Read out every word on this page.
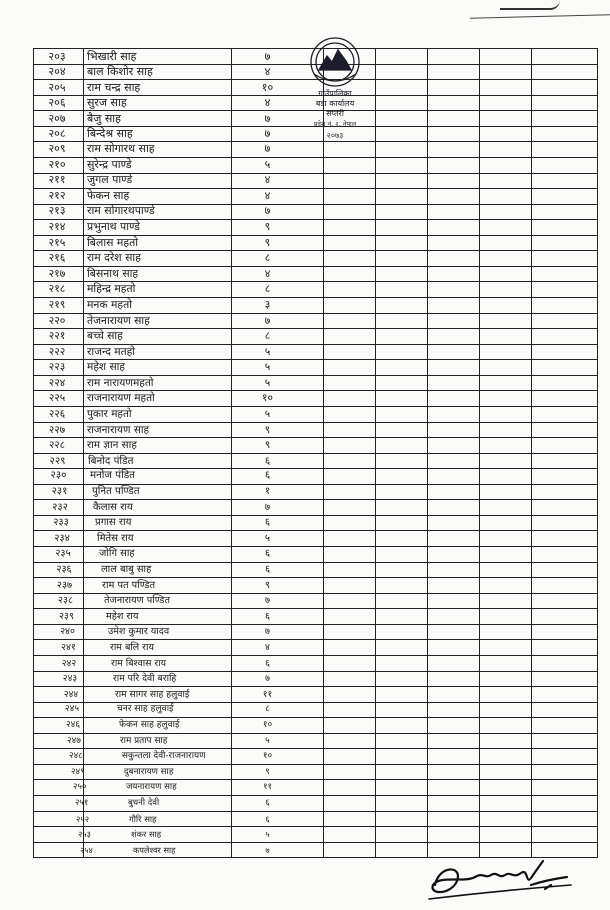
२०३	भिखारी साह	७					
२०४	बाल किशोर साह	४					
२०५	राम चन्द्र साह	१०					
२०६	सुरज साह	४					
२०७	बैजु साह	७					
२०८	बिन्देश्र साह	७					
२०९	राम सोगारथ साह	७					
२१०	सुरेन्द्र पाण्डे	५					
२११	जुगल पाण्डे	४					
२१२	फेकन साह	४					
२१३	राम सोगारथपाण्डे	७					
२१४	प्रभुनाथ पाण्डे	९					
२१५	बिलास महतो	९					
२१६	राम दरेश साह	८					
२१७	बिसनाथ साह	४					
२१८	महिन्द्र महतो	८					
२१९	मनक महतो	३					
२२०	तेजनारायण साह	७					
२२१	बच्चे साह	८					
२२२	राजन्द मतहो	५					
२२३	महेश साह	५					
२२४	राम नारायणमहतो	५					
२२५	राजनारायण महतो	१०					
२२६	पुकार महतो	५					
२२७	राजनारायण साह	९					
२२८	राम ज्ञान साह	९					
२२९	बिनोद पंडित	६					
२३०	मनोज पंडित	६					
२३१	पुनित पण्डित	१					
२३२	कैलास राय	७					
२३३	प्रगास राय	६					
२३४	मितेस राय	५					
२३५	जोगि साह	६					
२३६	लाल बाबु साह	६					
२३७	राम पत पण्डित	९					
२३८	तेजनारायण पण्डित	७					
२३९	महेश राय	६					
२४०	उमेश कुमार यादव	७					
२४१	राम बलि राय	४					
२४२	राम बिश्वास राय	६					
२४३	राम परि देवी बराहि	७					
२४४	राम सागर साह हलुवाई	११					
२४५	चनर साह हलुवाई	८					
२४६	फेकन साह हलुवाई	१०					
२४७	राम प्रताप साह	५					
२४८	सकुन्तला देवी-राजनारायण	१०					
२४९	दुबनारायण साह	९					
२५०	जयनारायण साह	११					
२५१	बुधनी देवी	६					
२५२	गौरि साह	६					
२५३	शंकर साह	५					
२५४	कपलेश्वर साह	७					
गाउँपालिका
बडा कार्यालय
सप्तरी
प्रदेश नं. २, नेपाल
२०७३
